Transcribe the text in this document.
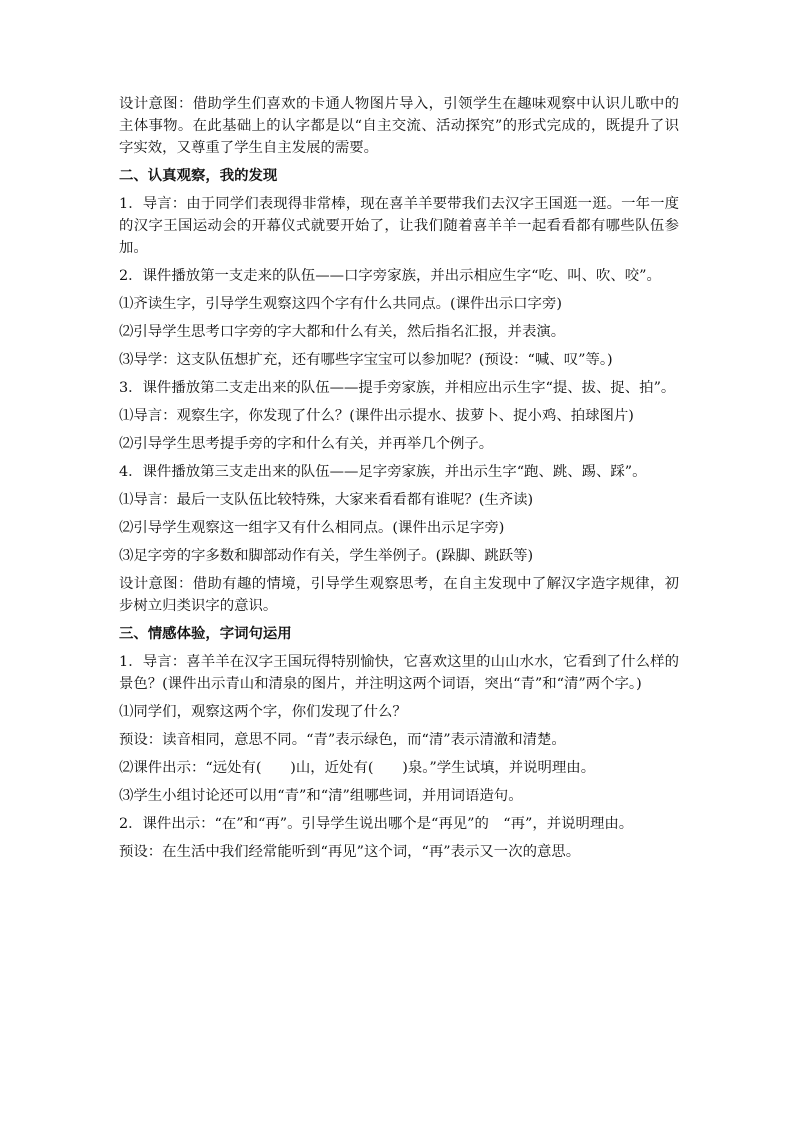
设计意图：借助学生们喜欢的卡通人物图片导入，引领学生在趣味观察中认识儿歌中的主体事物。在此基础上的认字都是以“自主交流、活动探究”的形式完成的，既提升了识字实效，又尊重了学生自主发展的需要。

二、认真观察，我的发现

1．导言：由于同学们表现得非常棒，现在喜羊羊要带我们去汉字王国逛一逛。一年一度的汉字王国运动会的开幕仪式就要开始了，让我们随着喜羊羊一起看看都有哪些队伍参加。

2．课件播放第一支走来的队伍——口字旁家族，并出示相应生字“吃、叫、吹、咬”。

⑴齐读生字，引导学生观察这四个字有什么共同点。(课件出示口字旁)

⑵引导学生思考口字旁的字大都和什么有关，然后指名汇报，并表演。

⑶导学：这支队伍想扩充，还有哪些字宝宝可以参加呢？(预设：“喊、叹”等。)

3．课件播放第二支走出来的队伍——提手旁家族，并相应出示生字“提、拔、捉、拍”。

⑴导言：观察生字，你发现了什么？(课件出示提水、拔萝卜、捉小鸡、拍球图片)

⑵引导学生思考提手旁的字和什么有关，并再举几个例子。

4．课件播放第三支走出来的队伍——足字旁家族，并出示生字“跑、跳、踢、踩”。

⑴导言：最后一支队伍比较特殊，大家来看看都有谁呢？(生齐读)

⑵引导学生观察这一组字又有什么相同点。(课件出示足字旁)

⑶足字旁的字多数和脚部动作有关，学生举例子。(跺脚、跳跃等)

设计意图：借助有趣的情境，引导学生观察思考，在自主发现中了解汉字造字规律，初步树立归类识字的意识。

三、情感体验，字词句运用

1．导言：喜羊羊在汉字王国玩得特别愉快，它喜欢这里的山山水水，它看到了什么样的景色？(课件出示青山和清泉的图片，并注明这两个词语，突出“青”和“清”两个字。)

⑴同学们，观察这两个字，你们发现了什么？

预设：读音相同，意思不同。“青”表示绿色，而“清”表示清澈和清楚。

⑵课件出示：“远处有(　　)山，近处有(　　)泉。”学生试填，并说明理由。

⑶学生小组讨论还可以用“青”和“清”组哪些词，并用词语造句。

2．课件出示：“在”和“再”。引导学生说出哪个是“再见”的　“再”，并说明理由。

预设：在生活中我们经常能听到“再见”这个词，“再”表示又一次的意思。
